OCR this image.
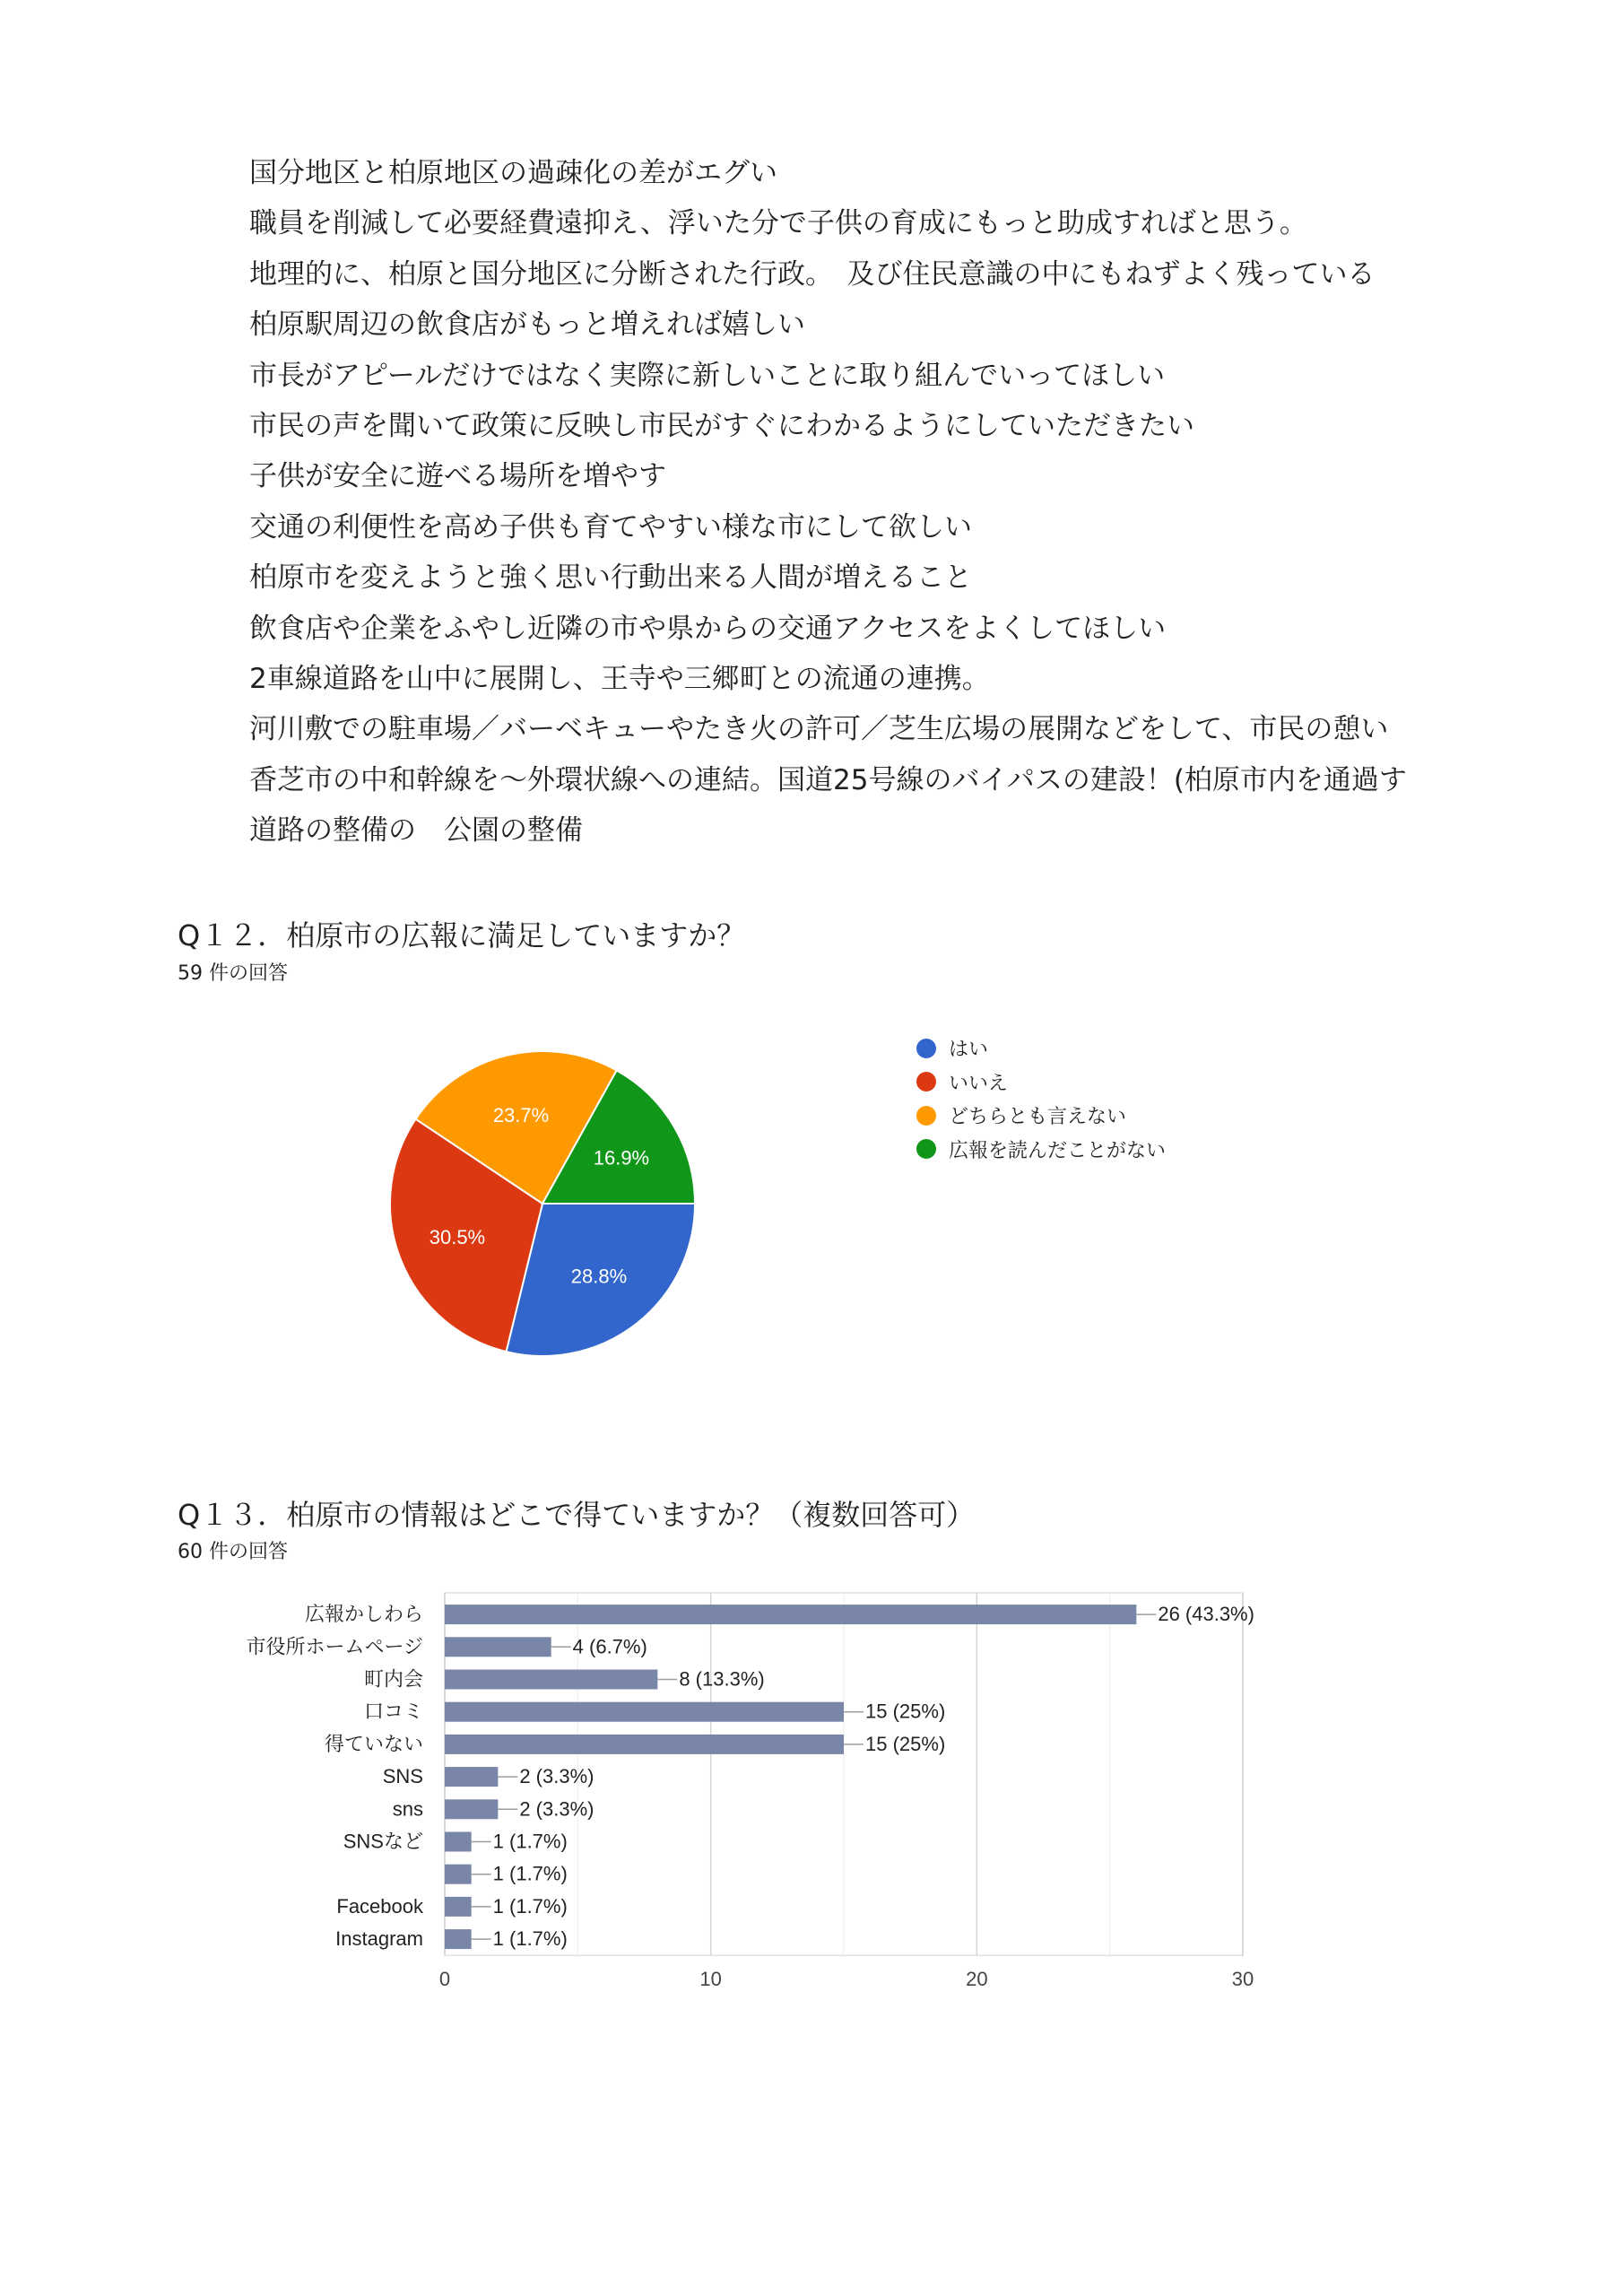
国分地区と柏原地区の過疎化の差がエグい
職員を削減して必要経費遠抑え、浮いた分で子供の育成にもっと助成すればと思う。
地理的に、柏原と国分地区に分断された行政。　及び住民意識の中にもねずよく残っている
柏原駅周辺の飲食店がもっと増えれば嬉しい
市長がアピールだけではなく実際に新しいことに取り組んでいってほしい
市民の声を聞いて政策に反映し市民がすぐにわかるようにしていただきたい
子供が安全に遊べる場所を増やす
交通の利便性を高め子供も育てやすい様な市にして欲しい
柏原市を変えようと強く思い行動出来る人間が増えること
飲食店や企業をふやし近隣の市や県からの交通アクセスをよくしてほしい
2車線道路を山中に展開し、王寺や三郷町との流通の連携。
河川敷での駐車場／バーベキューやたき火の許可／芝生広場の展開などをして、市民の憩い
香芝市の中和幹線を～外環状線への連結。国道25号線のバイパスの建設！(柏原市内を通過す
道路の整備の　公園の整備
Q１２．柏原市の広報に満足していますか？
59 件の回答
28.8%
30.5%
23.7%
16.9%
はい
いいえ
どちらとも言えない
広報を読んだことがない
Q１３．柏原市の情報はどこで得ていますか？（複数回答可）
60 件の回答
0	10	20	30
広報かしわら	26 (43.3%)
市役所ホームページ	4 (6.7%)
町内会	8 (13.3%)
口コミ	15 (25%)
得ていない	15 (25%)
SNS	2 (3.3%)
sns	2 (3.3%)
SNSなど	1 (1.7%)
1 (1.7%)
Facebook	1 (1.7%)
Instagram	1 (1.7%)
